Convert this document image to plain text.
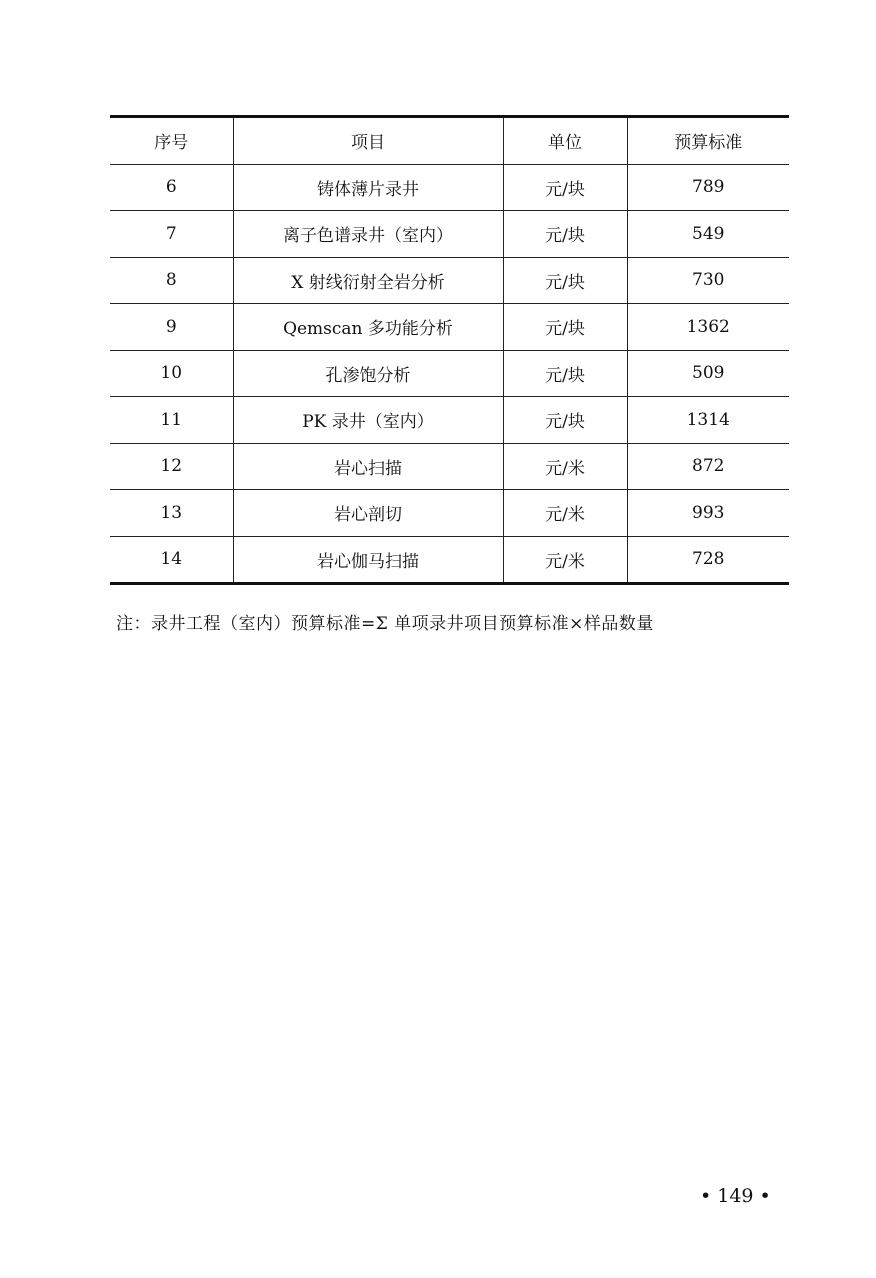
序号	项目	单位	预算标准
6	铸体薄片录井	元/块	789
7	离子色谱录井（室内）	元/块	549
8	X 射线衍射全岩分析	元/块	730
9	Qemscan 多功能分析	元/块	1362
10	孔渗饱分析	元/块	509
11	PK 录井（室内）	元/块	1314
12	岩心扫描	元/米	872
13	岩心剖切	元/米	993
14	岩心伽马扫描	元/米	728
注：录井工程（室内）预算标准=Σ 单项录井项目预算标准×样品数量
• 149 •
